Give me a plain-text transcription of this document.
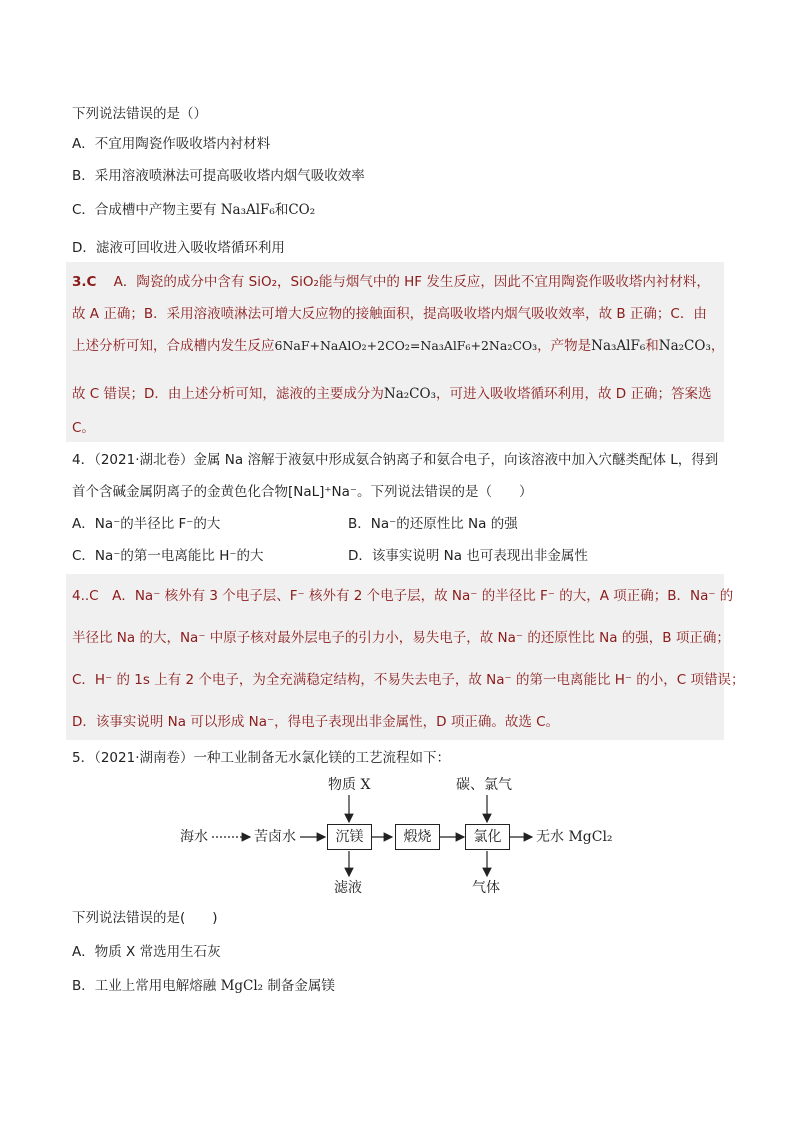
下列说法错误的是（）
A．不宜用陶瓷作吸收塔内衬材料
B．采用溶液喷淋法可提高吸收塔内烟气吸收效率
C．合成槽中产物主要有 Na₃AlF₆和CO₂
D．滤液可回收进入吸收塔循环利用
3.C A．陶瓷的成分中含有 SiO₂，SiO₂能与烟气中的 HF 发生反应，因此不宜用陶瓷作吸收塔内衬材料，
故 A 正确；B．采用溶液喷淋法可增大反应物的接触面积，提高吸收塔内烟气吸收效率，故 B 正确；C．由
上述分析可知，合成槽内发生反应6NaF+NaAlO₂+2CO₂=Na₃AlF₆+2Na₂CO₃，产物是Na₃AlF₆和Na₂CO₃，
故 C 错误；D．由上述分析可知，滤液的主要成分为Na₂CO₃，可进入吸收塔循环利用，故 D 正确；答案选
C。
4．（2021·湖北卷）金属 Na 溶解于液氨中形成氨合钠离子和氨合电子，向该溶液中加入穴醚类配体 L，得到
首个含碱金属阴离子的金黄色化合物[NaL]⁺Na⁻。下列说法错误的是（　　）
A．Na⁻的半径比 F⁻的大	B．Na⁻的还原性比 Na 的强
C．Na⁻的第一电离能比 H⁻的大	D．该事实说明 Na 也可表现出非金属性
4..C　A．Na⁻ 核外有 3 个电子层、F⁻ 核外有 2 个电子层，故 Na⁻ 的半径比 F⁻ 的大，A 项正确；B．Na⁻ 的
半径比 Na 的大，Na⁻ 中原子核对最外层电子的引力小，易失电子，故 Na⁻ 的还原性比 Na 的强，B 项正确；
C．H⁻ 的 1s 上有 2 个电子，为全充满稳定结构，不易失去电子，故 Na⁻ 的第一电离能比 H⁻ 的小，C 项错误；
D．该事实说明 Na 可以形成 Na⁻，得电子表现出非金属性，D 项正确。故选 C。
5．（2021·湖南卷）一种工业制备无水氯化镁的工艺流程如下：
海水	苦卤水	沉镁	煅烧	氯化	无水 MgCl₂
物质 X	碳、氯气
滤液	气体
下列说法错误的是(　　)
A．物质 X 常选用生石灰
B．工业上常用电解熔融 MgCl₂ 制备金属镁
